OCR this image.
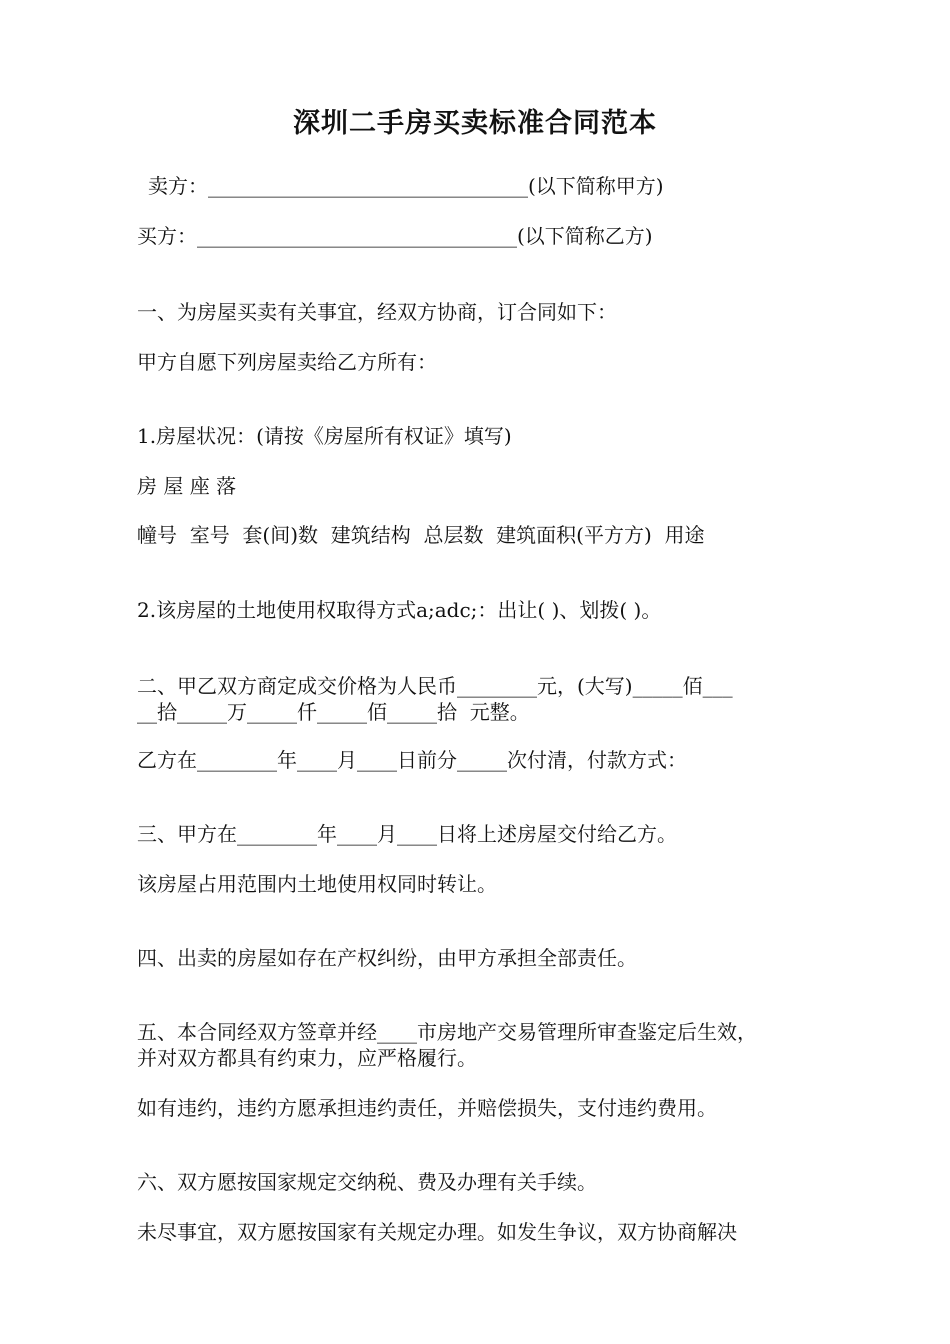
深圳二手房买卖标准合同范本
卖方：________________________________(以下简称甲方)
买方：________________________________(以下简称乙方)
一、为房屋买卖有关事宜，经双方协商，订合同如下：
甲方自愿下列房屋卖给乙方所有：
1.房屋状况：(请按《房屋所有权证》填写)
房 屋 座 落
幢号  室号  套(间)数  建筑结构  总层数  建筑面积(平方方)  用途
2.该房屋的土地使用权取得方式a;adc;：出让( )、划拨( )。
二、甲乙双方商定成交价格为人民币________元，(大写)_____佰___
__拾_____万_____仟_____佰_____拾  元整。
乙方在________年____月____日前分_____次付清，付款方式：
三、甲方在________年____月____日将上述房屋交付给乙方。
该房屋占用范围内土地使用权同时转让。
四、出卖的房屋如存在产权纠纷，由甲方承担全部责任。
五、本合同经双方签章并经____市房地产交易管理所审查鉴定后生效，
并对双方都具有约束力，应严格履行。
如有违约，违约方愿承担违约责任，并赔偿损失，支付违约费用。
六、双方愿按国家规定交纳税、费及办理有关手续。
未尽事宜，双方愿按国家有关规定办理。如发生争议，双方协商解决
